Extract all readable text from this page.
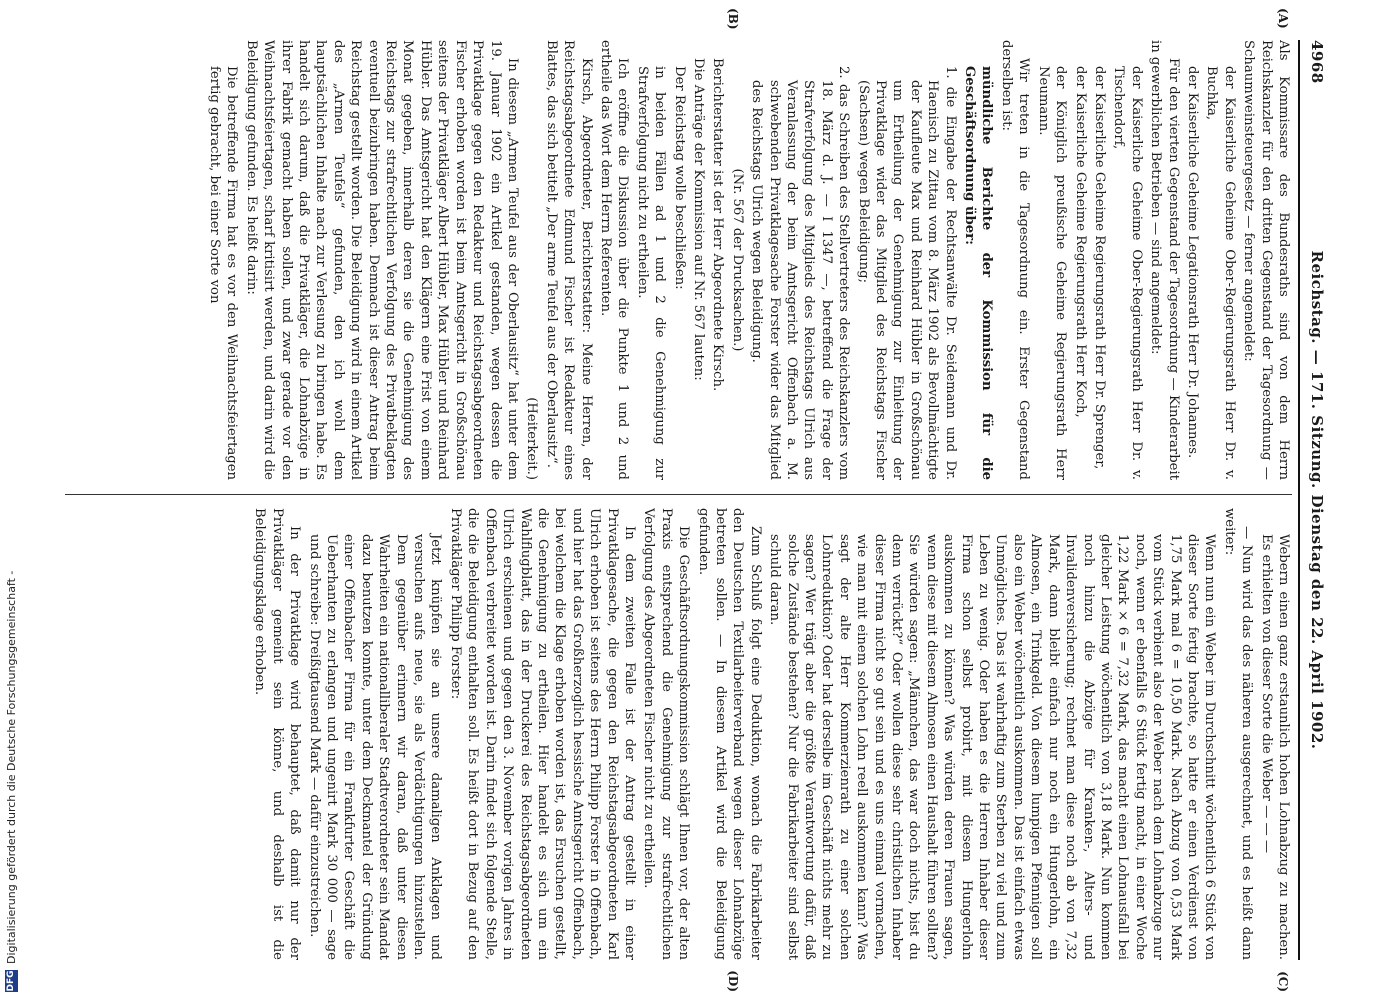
4968
Reichstag. — 171. Sitzung. Dienstag den 22. April 1902.
(A)
(B)
(C)
(D)

Als Kommissare des Bundesraths sind von dem Herrn Reichskanzler für den dritten Gegenstand der Tagesordnung — Schaumweinsteuergesetz — ferner angemeldet:

der Kaiserliche Geheime Ober-Regierungsrath Herr Dr. v. Buchka,

der Kaiserliche Geheime Legationsrath Herr Dr. Johannes.

Für den vierten Gegenstand der Tagesordnung — Kinderarbeit in gewerblichen Betrieben — sind angemeldet:

der Kaiserliche Geheime Ober-Regierungsrath Herr Dr. v. Tischendorf,

der Kaiserliche Geheime Regierungsrath Herr Dr. Sprenger,

der Kaiserliche Geheime Regierungsrath Herr Koch,

der Königlich preußische Geheime Regierungsrath Herr Neumann.

Wir treten in die Tagesordnung ein. Erster Gegenstand derselben ist:

mündliche Berichte der Kommission für die Geschäftsordnung über:

1. die Eingabe der Rechtsanwälte Dr. Seidemann und Dr. Haenisch zu Zittau vom 8. März 1902 als Bevollmächtigte der Kaufleute Max und Reinhard Hübler in Großschönau um Ertheilung der Genehmigung zur Einleitung der Privatklage wider das Mitglied des Reichstags Fischer (Sachsen) wegen Beleidigung;

2. das Schreiben des Stellvertreters des Reichskanzlers vom 18. März d. J. — I 1347 —, betreffend die Frage der Strafverfolgung des Mitglieds des Reichstags Ulrich aus Veranlassung der beim Amtsgericht Offenbach a. M. schwebenden Privatklagesache Forster wider das Mitglied des Reichstags Ulrich wegen Beleidigung.

(Nr. 567 der Drucksachen.)

Berichterstatter ist der Herr Abgeordnete Kirsch.

Die Anträge der Kommission auf Nr. 567 lauten:

Der Reichstag wolle beschließen:

in beiden Fällen ad 1 und 2 die Genehmigung zur Strafverfolgung nicht zu ertheilen.

Ich eröffne die Diskussion über die Punkte 1 und 2 und ertheile das Wort dem Herrn Referenten.

Kirsch, Abgeordneter, Berichterstatter: Meine Herren, der Reichstagsabgeordnete Edmund Fischer ist Redakteur eines Blattes, das sich betitelt „Der arme Teufel aus der Oberlausitz“.

(Heiterkeit.)

In diesem „Armen Teufel aus der Oberlausitz“ hat unter dem 19. Januar 1902 ein Artikel gestanden, wegen dessen die Privatklage gegen den Redakteur und Reichstagsabgeordneten Fischer erhoben worden ist beim Amtsgericht in Großschönau seitens der Privatkläger Albert Hübler, Max Hübler und Reinhard Hübler. Das Amtsgericht hat den Klägern eine Frist von einem Monat gegeben, innerhalb deren sie die Genehmigung des Reichstags zur strafrechtlichen Verfolgung des Privatbeklagten eventuell beizubringen haben. Demnach ist dieser Antrag beim Reichstag gestellt worden. Die Beleidigung wird in einem Artikel des „Armen Teufels“ gefunden, den ich wohl dem hauptsächlichen Inhalte nach zur Verlesung zu bringen habe. Es handelt sich darum, daß die Privatkläger, die Lohnabzüge in ihrer Fabrik gemacht haben sollen, und zwar gerade vor den Weihnachtsfeiertagen, scharf kritisirt werden, und darin wird die Beleidigung gefunden. Es heißt darin:

Die betreffende Firma hat es vor den Weihnachtsfeiertagen fertig gebracht, bei einer Sorte von

Webern einen ganz erstaunlich hohen Lohnabzug zu machen. Es erhielten von dieser Sorte die Weber — — —

— Nun wird das des näheren ausgerechnet, und es heißt dann weiter:

Wenn nun ein Weber im Durchschnitt wöchentlich 6 Stück von dieser Sorte fertig brachte, so hatte er einen Verdienst von 1,75 Mark mal 6 = 10,50 Mark. Nach Abzug von 0,53 Mark vom Stück verbient also der Weber nach dem Lohnabzuge nur noch, wenn er ebenfalls 6 Stück fertig macht, in einer Woche 1,22 Mark × 6 = 7,32 Mark, das macht einen Lohnausfall bei gleicher Leistung wöchentlich von 3,18 Mark. Nun kommen noch hinzu die Abzüge für Kranken-, Alters- und Invalidenversicherung; rechnet man diese noch ab von 7,32 Mark, dann bleibt einfach nur noch ein Hungerlohn, ein Almosen, ein Trinkgeld. Von diesem lumpigen Pfennigen soll also ein Weber wöchentlich auskommen. Das ist einfach etwas Unmögliches. Das ist wahrhaftig zum Sterben zu viel und zum Leben zu wenig. Oder haben es die Herren Inhaber dieser Firma schon selbst probirt, mit diesem Hungerlohn auskommen zu können? Was würden deren Frauen sagen, wenn diese mit diesem Almosen einen Haushalt führen sollten? Sie würden sagen: „Männchen, das war doch nichts, bist du denn verrückt?“ Oder wollen diese sehr christlichen Inhaber dieser Firma nicht so gut sein und es uns einmal vormachen, wie man mit einem solchen Lohn reell auskommen kann? Was sagt der alte Herr Kommerzienrath zu einer solchen Lohnreduktion? Oder hat derselbe im Geschäft nichts mehr zu sagen? Wer trägt aber die größte Verantwortung dafür, daß solche Zustände bestehen? Nur die Fabrikarbeiter sind selbst schuld daran.

Zum Schluß folgt eine Deduktion, wonach die Fabrikarbeiter den Deutschen Textilarbeiterverband wegen dieser Lohnabzüge betreten sollen. — In diesem Artikel wird die Beleidigung gefunden.

Die Geschäftsordnungskommission schlägt Ihnen vor, der alten Praxis entsprechend die Genehmigung zur strafrechtlichen Verfolgung des Abgeordneten Fischer nicht zu ertheilen.

In dem zweiten Falle ist der Antrag gestellt in einer Privatklagesache, die gegen den Reichstagsabgeordneten Karl Ulrich erhoben ist seitens des Herrn Philipp Forster in Offenbach, und hier hat das Großherzoglich hessische Amtsgericht Offenbach, bei welchem die Klage erhoben worden ist, das Ersuchen gestellt, die Genehmigung zu ertheilen. Hier handelt es sich um ein Wahlflugblatt, das in der Druckerei des Reichstagsabgeordneten Ulrich erschienen und gegen den 3. November vorigen Jahres in Offenbach verbreitet worden ist. Darin findet sich folgende Stelle, die die Beleidigung enthalten soll. Es heißt dort in Bezug auf den Privatkläger Philipp Forster:

Jetzt knüpfen sie an unsere damaligen Anklagen und versuchen aufs neue, sie als Verdächtigungen hinzustellen. Dem gegenüber erinnern wir daran, daß unter diesen Wahrheiten ein nationalliberaler Stadtverordneter sein Mandat dazu benutzen konnte, unter dem Deckmantel der Gründung einer Offenbacher Firma für ein Frankfurter Geschäft die Ueberhanten zu erlangen und ungenirt Mark 30 000 — sage und schreibe: Dreißigtausend Mark — dafür einzustreichen.

In der Privatklage wird behauptet, daß damit nur der Privatkläger gemeint sein könne, und deshalb ist die Beleidigungsklage erhoben.

DFG
Digitalisierung gefördert durch die Deutsche Forschungsgemeinschaft -
